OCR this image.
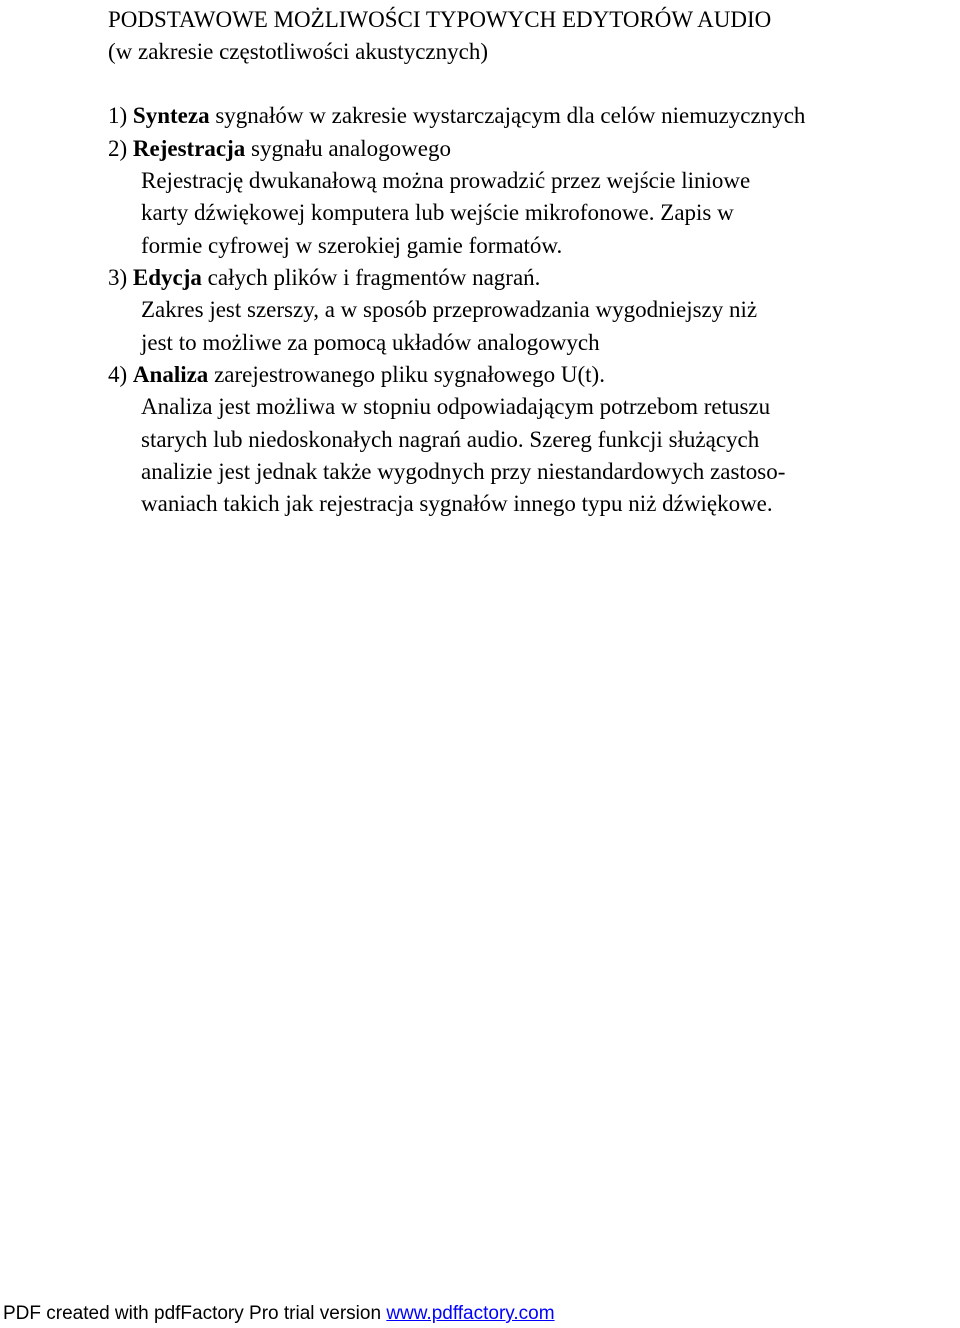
PODSTAWOWE MOŻLIWOŚCI TYPOWYCH EDYTORÓW AUDIO
(w zakresie częstotliwości akustycznych)
1) Synteza sygnałów w zakresie wystarczającym dla celów niemuzycznych
2) Rejestracja sygnału analogowego
Rejestrację dwukanałową można prowadzić przez wejście liniowe
karty dźwiękowej komputera lub wejście mikrofonowe. Zapis w
formie cyfrowej w szerokiej gamie formatów.
3) Edycja całych plików i fragmentów nagrań.
Zakres jest szerszy, a w sposób przeprowadzania wygodniejszy niż
jest to możliwe za pomocą układów analogowych
4) Analiza zarejestrowanego pliku sygnałowego U(t).
Analiza jest możliwa w stopniu odpowiadającym potrzebom retuszu
starych lub niedoskonałych nagrań audio. Szereg funkcji służących
analizie jest jednak także wygodnych przy niestandardowych zastoso-
waniach takich jak rejestracja sygnałów innego typu niż dźwiękowe.
PDF created with pdfFactory Pro trial version www.pdffactory.com
